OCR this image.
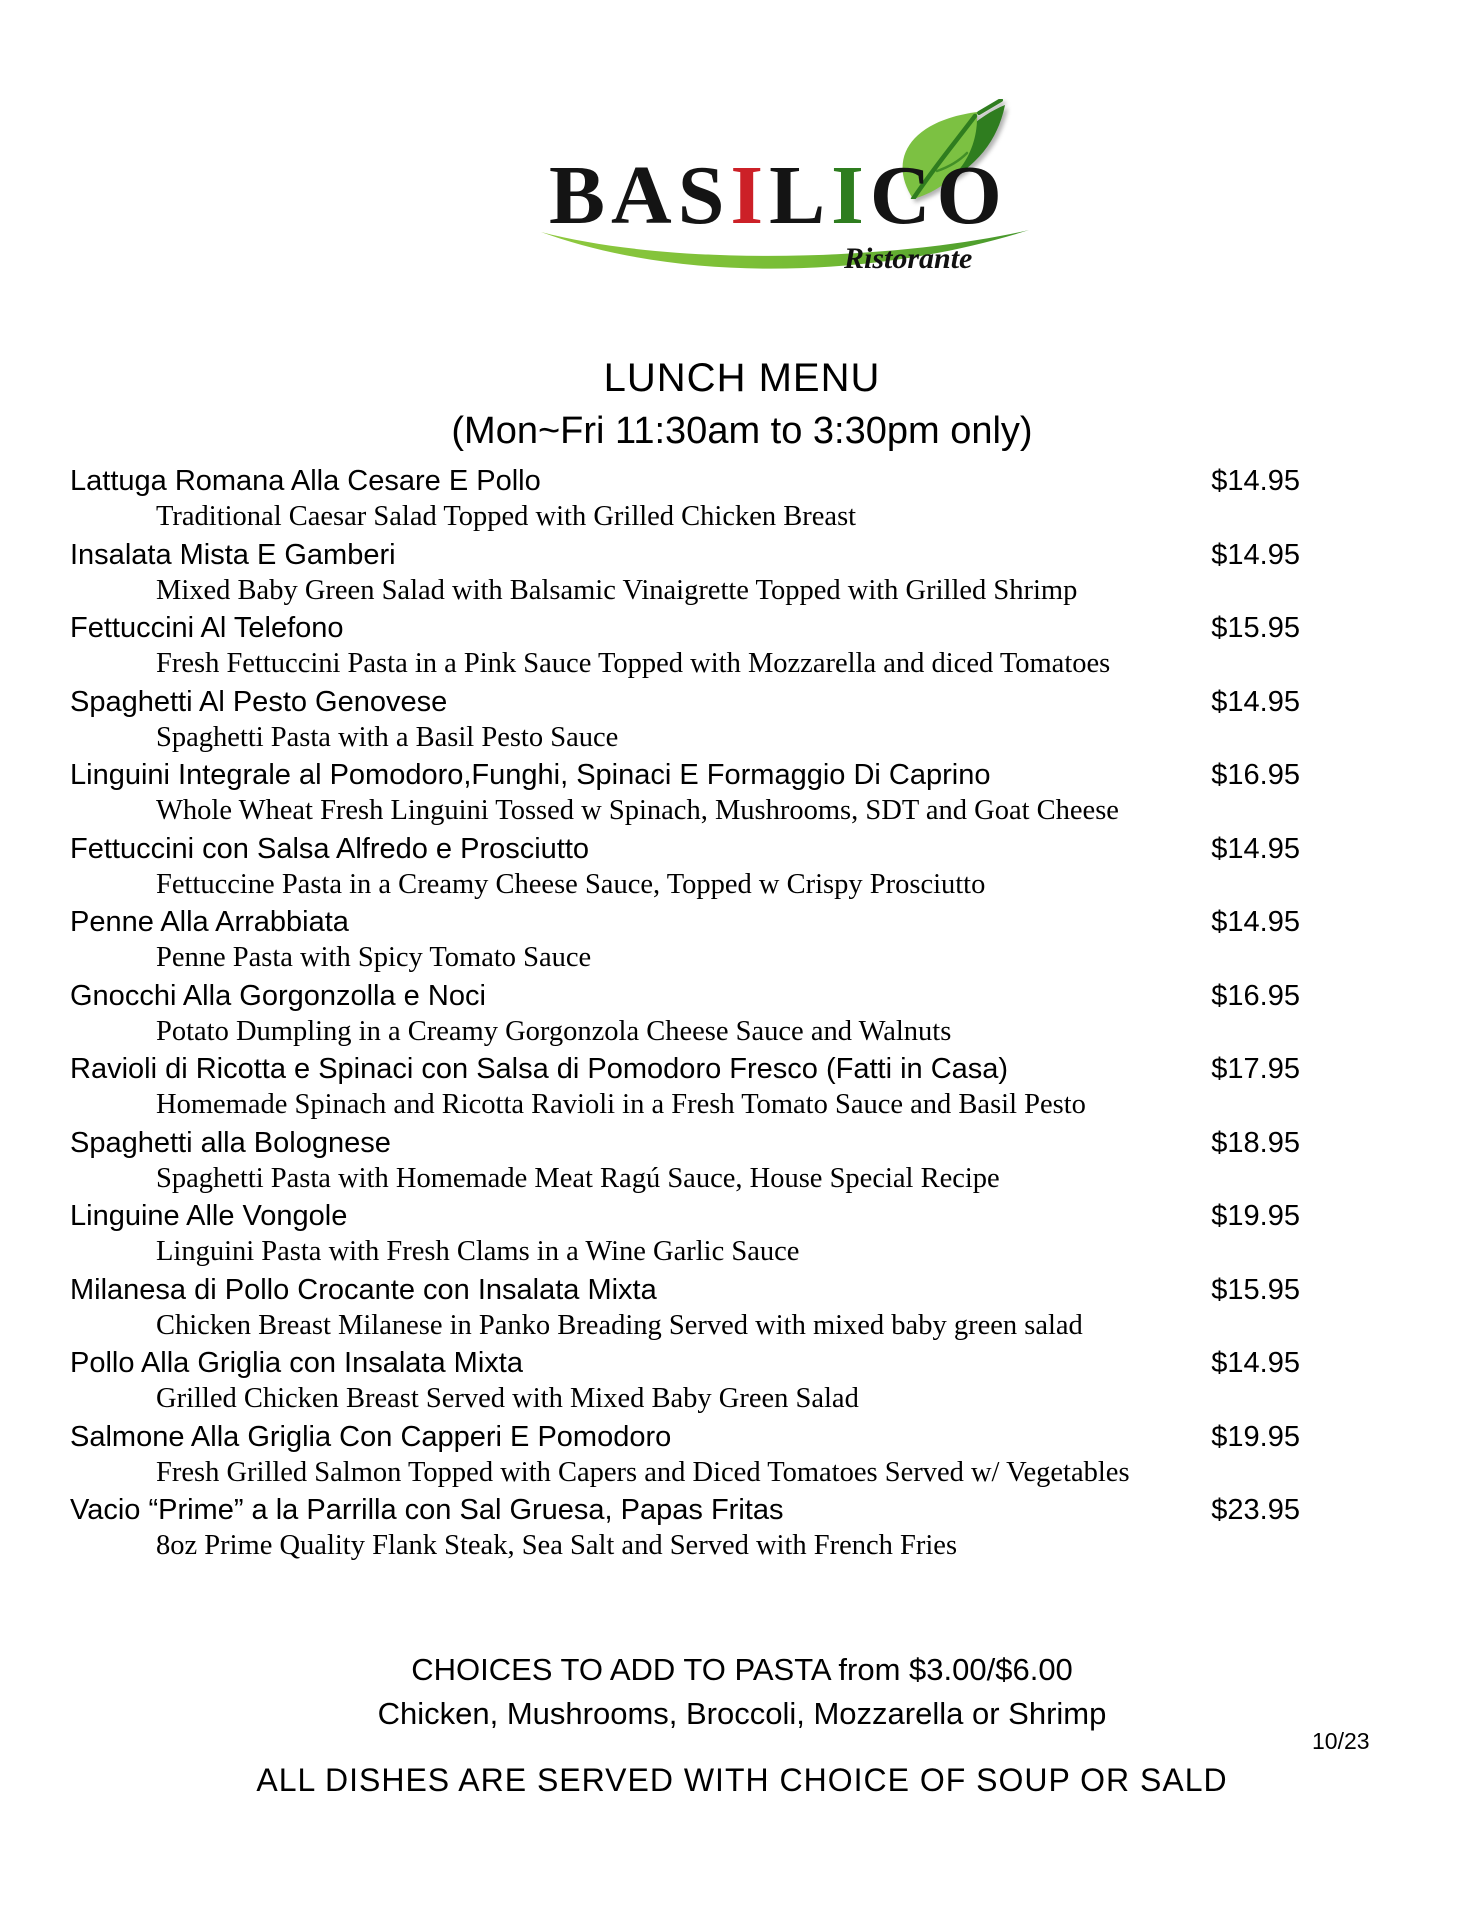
BASILICO
Ristorante
LUNCH MENU
(Mon~Fri 11:30am to 3:30pm only)
Lattuga Romana Alla Cesare E Pollo	$14.95
Traditional Caesar Salad Topped with Grilled Chicken Breast
Insalata Mista E Gamberi	$14.95
Mixed Baby Green Salad with Balsamic Vinaigrette Topped with Grilled Shrimp
Fettuccini Al Telefono	$15.95
Fresh Fettuccini Pasta in a Pink Sauce Topped with Mozzarella and diced Tomatoes
Spaghetti Al Pesto Genovese	$14.95
Spaghetti Pasta with a Basil Pesto Sauce
Linguini Integrale al Pomodoro,Funghi, Spinaci E Formaggio Di Caprino	$16.95
Whole Wheat Fresh Linguini Tossed w Spinach, Mushrooms, SDT and Goat Cheese
Fettuccini con Salsa Alfredo e Prosciutto	$14.95
Fettuccine Pasta in a Creamy Cheese Sauce, Topped w Crispy Prosciutto
Penne Alla Arrabbiata	$14.95
Penne Pasta with Spicy Tomato Sauce
Gnocchi Alla Gorgonzolla e Noci	$16.95
Potato Dumpling in a Creamy Gorgonzola Cheese Sauce and Walnuts
Ravioli di Ricotta e Spinaci con Salsa di Pomodoro Fresco (Fatti in Casa)	$17.95
Homemade Spinach and Ricotta Ravioli in a Fresh Tomato Sauce and Basil Pesto
Spaghetti alla Bolognese	$18.95
Spaghetti Pasta with Homemade Meat Ragú Sauce, House Special Recipe
Linguine Alle Vongole	$19.95
Linguini Pasta with Fresh Clams in a Wine Garlic Sauce
Milanesa di Pollo Crocante con Insalata Mixta	$15.95
Chicken Breast Milanese in Panko Breading Served with mixed baby green salad
Pollo Alla Griglia con Insalata Mixta	$14.95
Grilled Chicken Breast Served with Mixed Baby Green Salad
Salmone Alla Griglia Con Capperi E Pomodoro	$19.95
Fresh Grilled Salmon Topped with Capers and Diced Tomatoes Served w/ Vegetables
Vacio “Prime” a la Parrilla con Sal Gruesa, Papas Fritas	$23.95
8oz Prime Quality Flank Steak, Sea Salt and Served with French Fries
CHOICES TO ADD TO PASTA from $3.00/$6.00
Chicken, Mushrooms, Broccoli, Mozzarella or Shrimp
10/23
ALL DISHES ARE SERVED WITH CHOICE OF SOUP OR SALD
